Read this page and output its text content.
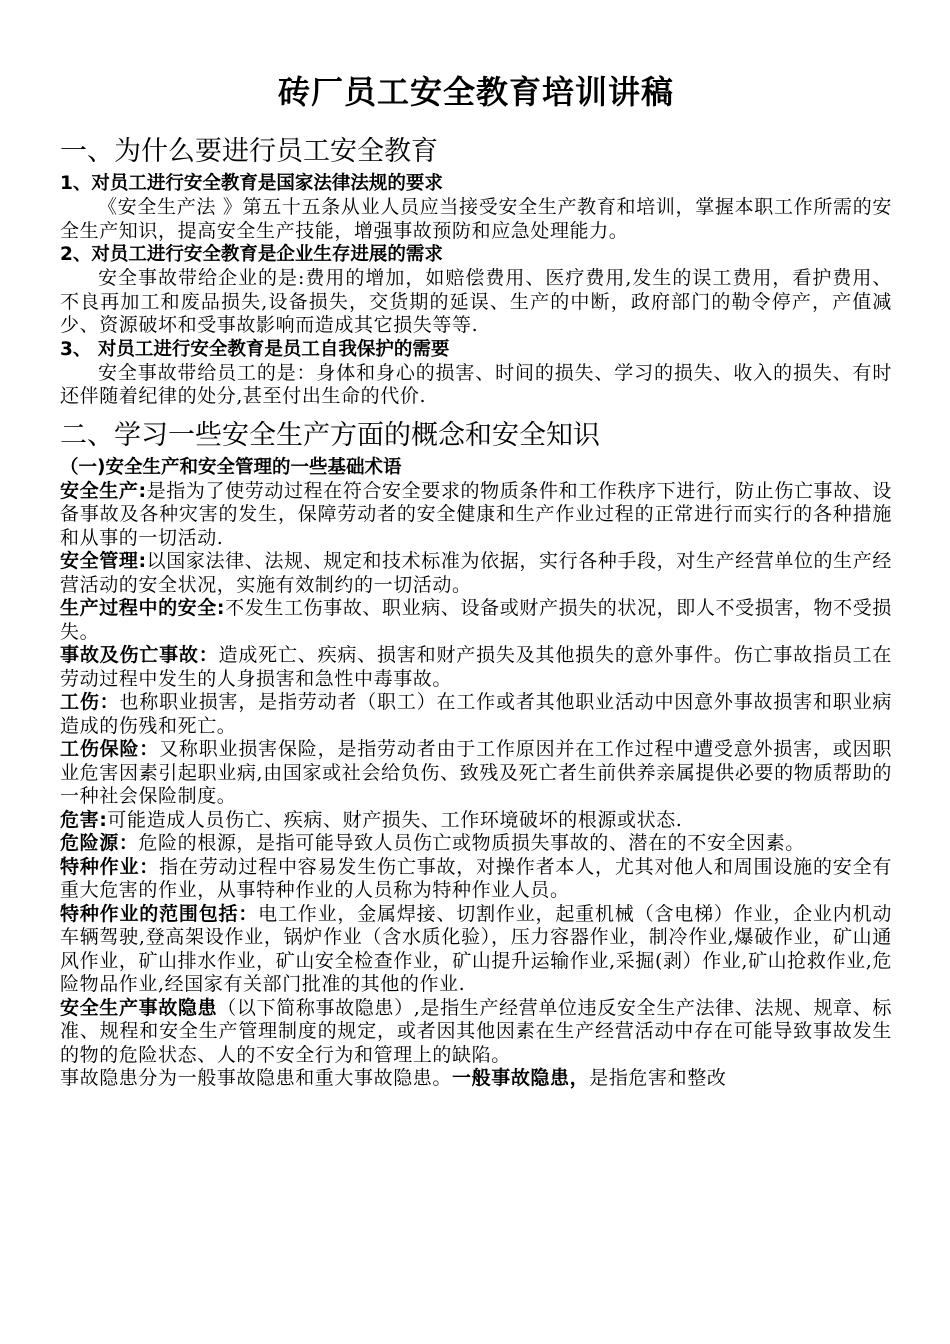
砖厂员工安全教育培训讲稿
一、为什么要进行员工安全教育
1、对员工进行安全教育是国家法律法规的要求

《安全生产法 》第五十五条从业人员应当接受安全生产教育和培训，掌握本职工作所需的安全生产知识，提高安全生产技能，增强事故预防和应急处理能力。

2、对员工进行安全教育是企业生存进展的需求

安全事故带给企业的是:费用的增加，如赔偿费用、医疗费用,发生的误工费用，看护费用、不良再加工和废品损失,设备损失，交货期的延误、生产的中断，政府部门的勒令停产，产值减少、资源破坏和受事故影响而造成其它损失等等.

3、 对员工进行安全教育是员工自我保护的需要

安全事故带给员工的是：身体和身心的损害、时间的损失、学习的损失、收入的损失、有时还伴随着纪律的处分,甚至付出生命的代价.

二、学习一些安全生产方面的概念和安全知识
（一)安全生产和安全管理的一些基础术语

安全生产:是指为了使劳动过程在符合安全要求的物质条件和工作秩序下进行，防止伤亡事故、设备事故及各种灾害的发生，保障劳动者的安全健康和生产作业过程的正常进行而实行的各种措施和从事的一切活动.

安全管理:以国家法律、法规、规定和技术标准为依据，实行各种手段，对生产经营单位的生产经营活动的安全状况，实施有效制约的一切活动。

生产过程中的安全:不发生工伤事故、职业病、设备或财产损失的状况，即人不受损害，物不受损失。

事故及伤亡事故：造成死亡、疾病、损害和财产损失及其他损失的意外事件。伤亡事故指员工在劳动过程中发生的人身损害和急性中毒事故。

工伤：也称职业损害，是指劳动者（职工）在工作或者其他职业活动中因意外事故损害和职业病造成的伤残和死亡。

工伤保险：又称职业损害保险，是指劳动者由于工作原因并在工作过程中遭受意外损害，或因职业危害因素引起职业病,由国家或社会给负伤、致残及死亡者生前供养亲属提供必要的物质帮助的一种社会保险制度。

危害:可能造成人员伤亡、疾病、财产损失、工作环境破坏的根源或状态.

危险源：危险的根源，是指可能导致人员伤亡或物质损失事故的、潜在的不安全因素。

特种作业：指在劳动过程中容易发生伤亡事故，对操作者本人，尤其对他人和周围设施的安全有重大危害的作业，从事特种作业的人员称为特种作业人员。

特种作业的范围包括：电工作业，金属焊接、切割作业，起重机械（含电梯）作业，企业内机动车辆驾驶,登高架设作业，锅炉作业（含水质化验），压力容器作业，制冷作业,爆破作业，矿山通风作业，矿山排水作业，矿山安全检查作业，矿山提升运输作业,采掘(剥）作业,矿山抢救作业,危险物品作业,经国家有关部门批准的其他的作业.

安全生产事故隐患（以下简称事故隐患）,是指生产经营单位违反安全生产法律、法规、规章、标准、规程和安全生产管理制度的规定，或者因其他因素在生产经营活动中存在可能导致事故发生的物的危险状态、人的不安全行为和管理上的缺陷。

事故隐患分为一般事故隐患和重大事故隐患。一般事故隐患，是指危害和整改
